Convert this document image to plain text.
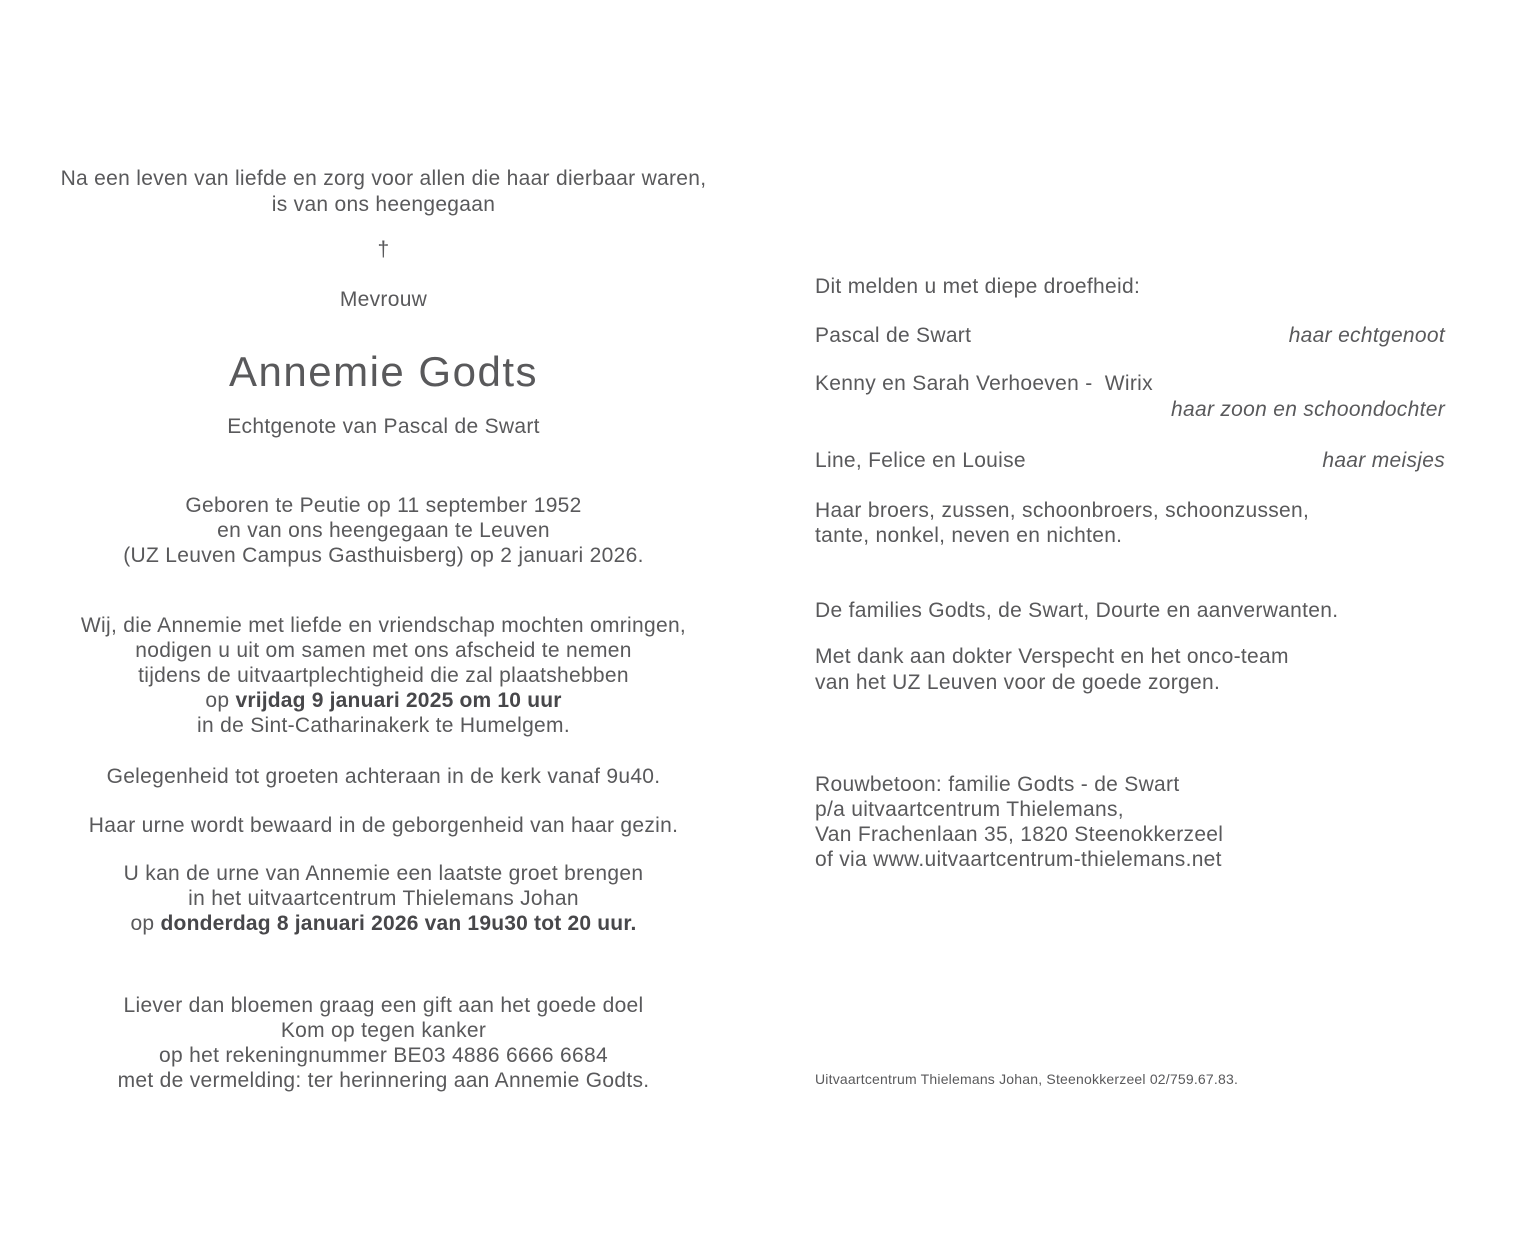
Na een leven van liefde en zorg voor allen die haar dierbaar waren,

is van ons heengegaan

†

Mevrouw

Annemie Godts

Echtgenote van Pascal de Swart

Geboren te Peutie op 11 september 1952

en van ons heengegaan te Leuven

(UZ Leuven Campus Gasthuisberg) op 2 januari 2026.

Wij, die Annemie met liefde en vriendschap mochten omringen,

nodigen u uit om samen met ons afscheid te nemen

tijdens de uitvaartplechtigheid die zal plaatshebben

op vrijdag 9 januari 2025 om 10 uur

in de Sint-Catharinakerk te Humelgem.

Gelegenheid tot groeten achteraan in de kerk vanaf 9u40.

Haar urne wordt bewaard in de geborgenheid van haar gezin.

U kan de urne van Annemie een laatste groet brengen

in het uitvaartcentrum Thielemans Johan

op donderdag 8 januari 2026 van 19u30 tot 20 uur.

Liever dan bloemen graag een gift aan het goede doel

Kom op tegen kanker

op het rekeningnummer BE03 4886 6666 6684

met de vermelding: ter herinnering aan Annemie Godts.

Dit melden u met diepe droefheid:

Pascal de Swart	haar echtgenoot

Kenny en Sarah Verhoeven -  Wirix

haar zoon en schoondochter

Line, Felice en Louise	haar meisjes

Haar broers, zussen, schoonbroers, schoonzussen,

tante, nonkel, neven en nichten.

De families Godts, de Swart, Dourte en aanverwanten.

Met dank aan dokter Verspecht en het onco-team

van het UZ Leuven voor de goede zorgen.

Rouwbetoon: familie Godts - de Swart

p/a uitvaartcentrum Thielemans,

Van Frachenlaan 35, 1820 Steenokkerzeel

of via www.uitvaartcentrum-thielemans.net

Uitvaartcentrum Thielemans Johan, Steenokkerzeel 02/759.67.83.
